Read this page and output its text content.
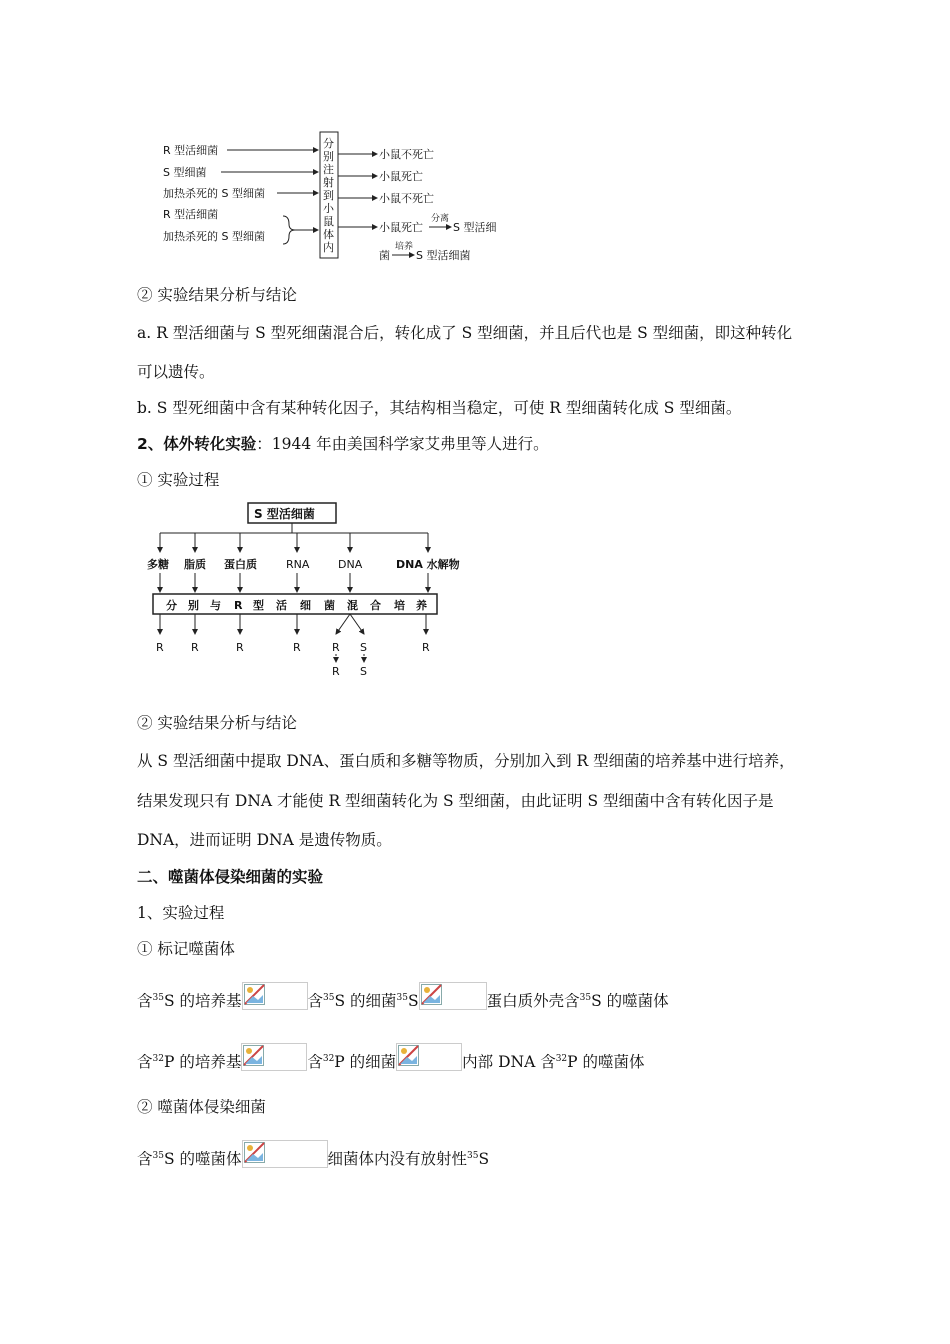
R 型活细菌
S 型细菌
加热杀死的 S 型细菌
R 型活细菌
加热杀死的 S 型细菌
分
别
注
射
到
小
鼠
体
内
小鼠不死亡
小鼠死亡
小鼠不死亡
小鼠死亡
分离
S 型活细
菌
培养
S 型活细菌
② 实验结果分析与结论
a. R 型活细菌与 S 型死细菌混合后，转化成了 S 型细菌，并且后代也是 S 型细菌，即这种转化
可以遗传。
b. S 型死细菌中含有某种转化因子，其结构相当稳定，可使 R 型细菌转化成 S 型细菌。
2、体外转化实验：1944 年由美国科学家艾弗里等人进行。
① 实验过程
S 型活细菌
多糖 脂质 蛋白质	RNA	DNA	DNA 水解物
分 别 与 R 型 活 细 菌 混 合 培 养
R R	R	R	R S	R
R S
② 实验结果分析与结论
从 S 型活细菌中提取 DNA、蛋白质和多糖等物质，分别加入到 R 型细菌的培养基中进行培养，
结果发现只有 DNA 才能使 R 型细菌转化为 S 型细菌，由此证明 S 型细菌中含有转化因子是
DNA，进而证明 DNA 是遗传物质。
二、噬菌体侵染细菌的实验
1、实验过程
① 标记噬菌体
含$^{35}$S 的培养基	含$^{35}$S 的细菌$^{35}$S	蛋白质外壳含$^{35}$S 的噬菌体
含$^{32}$P 的培养基	含$^{32}$P 的细菌	内部 DNA 含$^{32}$P 的噬菌体
② 噬菌体侵染细菌
含$^{35}$S 的噬菌体	细菌体内没有放射性$^{35}$S
